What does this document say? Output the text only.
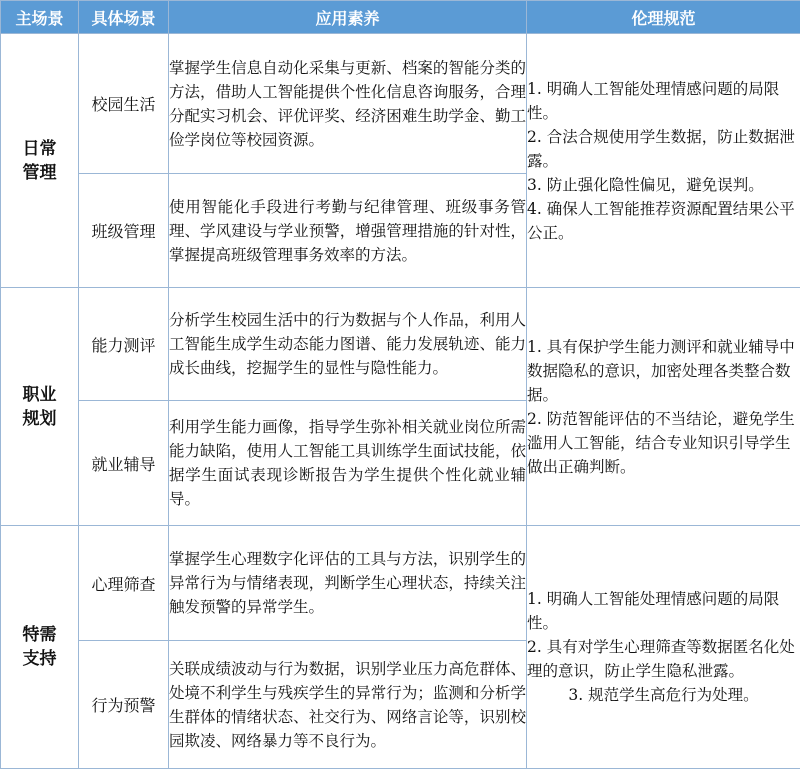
主场景	具体场景	应用素养	伦理规范
日常管理	校园生活	掌握学生信息自动化采集与更新、档案的智能分类的方法，借助人工智能提供个性化信息咨询服务，合理分配实习机会、评优评奖、经济困难生助学金、勤工俭学岗位等校园资源。	1. 明确人工智能处理情感问题的局限性。
2. 合法合规使用学生数据，防止数据泄露。
3. 防止强化隐性偏见，避免误判。
4. 确保人工智能推荐资源配置结果公平公正。

	班级管理	使用智能化手段进行考勤与纪律管理、班级事务管理、学风建设与学业预警，增强管理措施的针对性，掌握提高班级管理事务效率的方法。	

职业规划	能力测评	分析学生校园生活中的行为数据与个人作品，利用人工智能生成学生动态能力图谱、能力发展轨迹、能力成长曲线，挖掘学生的显性与隐性能力。	1. 具有保护学生能力测评和就业辅导中数据隐私的意识，加密处理各类整合数据。
2. 防范智能评估的不当结论，避免学生滥用人工智能，结合专业知识引导学生做出正确判断。

	就业辅导	利用学生能力画像，指导学生弥补相关就业岗位所需能力缺陷，使用人工智能工具训练学生面试技能，依据学生面试表现诊断报告为学生提供个性化就业辅导。	

特需支持	心理筛查	掌握学生心理数字化评估的工具与方法，识别学生的异常行为与情绪表现，判断学生心理状态，持续关注触发预警的异常学生。	1. 明确人工智能处理情感问题的局限性。
2. 具有对学生心理筛查等数据匿名化处理的意识，防止学生隐私泄露。
3. 规范学生高危行为处理。

	行为预警	关联成绩波动与行为数据，识别学业压力高危群体、处境不利学生与残疾学生的异常行为；监测和分析学生群体的情绪状态、社交行为、网络言论等，识别校园欺凌、网络暴力等不良行为。	
